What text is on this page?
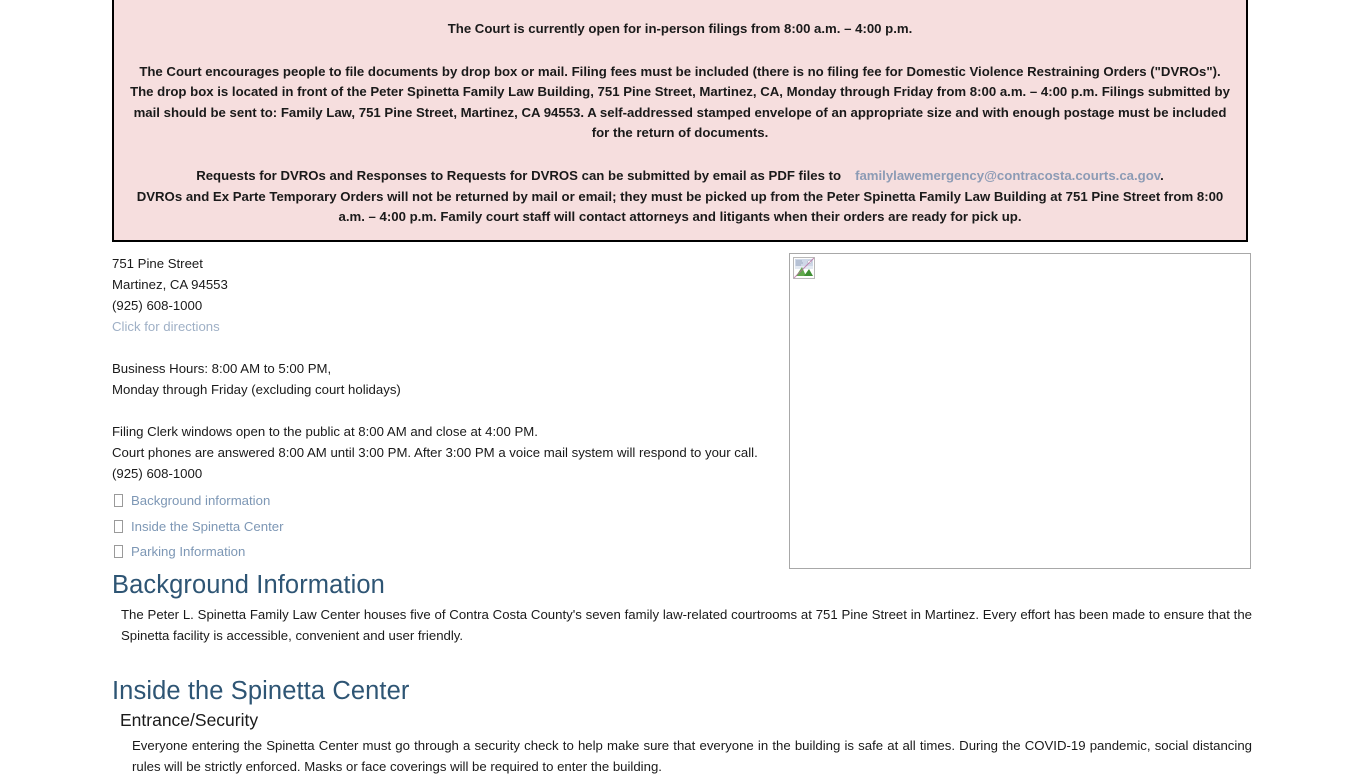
The Court is currently open for in-person filings from 8:00 a.m. – 4:00 p.m.

The Court encourages people to file documents by drop box or mail. Filing fees must be included (there is no filing fee for Domestic Violence Restraining Orders ("DVROs"). The drop box is located in front of the Peter Spinetta Family Law Building, 751 Pine Street, Martinez, CA, Monday through Friday from 8:00 a.m. – 4:00 p.m. Filings submitted by mail should be sent to: Family Law, 751 Pine Street, Martinez, CA 94553. A self-addressed stamped envelope of an appropriate size and with enough postage must be included for the return of documents.

Requests for DVROs and Responses to Requests for DVROS can be submitted by email as PDF files to familylawemergency@contracosta.courts.ca.gov.

DVROs and Ex Parte Temporary Orders will not be returned by mail or email; they must be picked up from the Peter Spinetta Family Law Building at 751 Pine Street from 8:00 a.m. – 4:00 p.m. Family court staff will contact attorneys and litigants when their orders are ready for pick up.

751 Pine Street
Martinez, CA 94553
(925) 608-1000
Click for directions
Business Hours: 8:00 AM to 5:00 PM,
Monday through Friday (excluding court holidays)
Filing Clerk windows open to the public at 8:00 AM and close at 4:00 PM.
Court phones are answered 8:00 AM until 3:00 PM. After 3:00 PM a voice mail system will respond to your call.
(925) 608-1000
Background information
Inside the Spinetta Center
Parking Information
Background Information

The Peter L. Spinetta Family Law Center houses five of Contra Costa County's seven family law-related courtrooms at 751 Pine Street in Martinez. Every effort has been made to ensure that the Spinetta facility is accessible, convenient and user friendly.

Inside the Spinetta Center
Entrance/Security

Everyone entering the Spinetta Center must go through a security check to help make sure that everyone in the building is safe at all times. During the COVID-19 pandemic, social distancing rules will be strictly enforced. Masks or face coverings will be required to enter the building.
